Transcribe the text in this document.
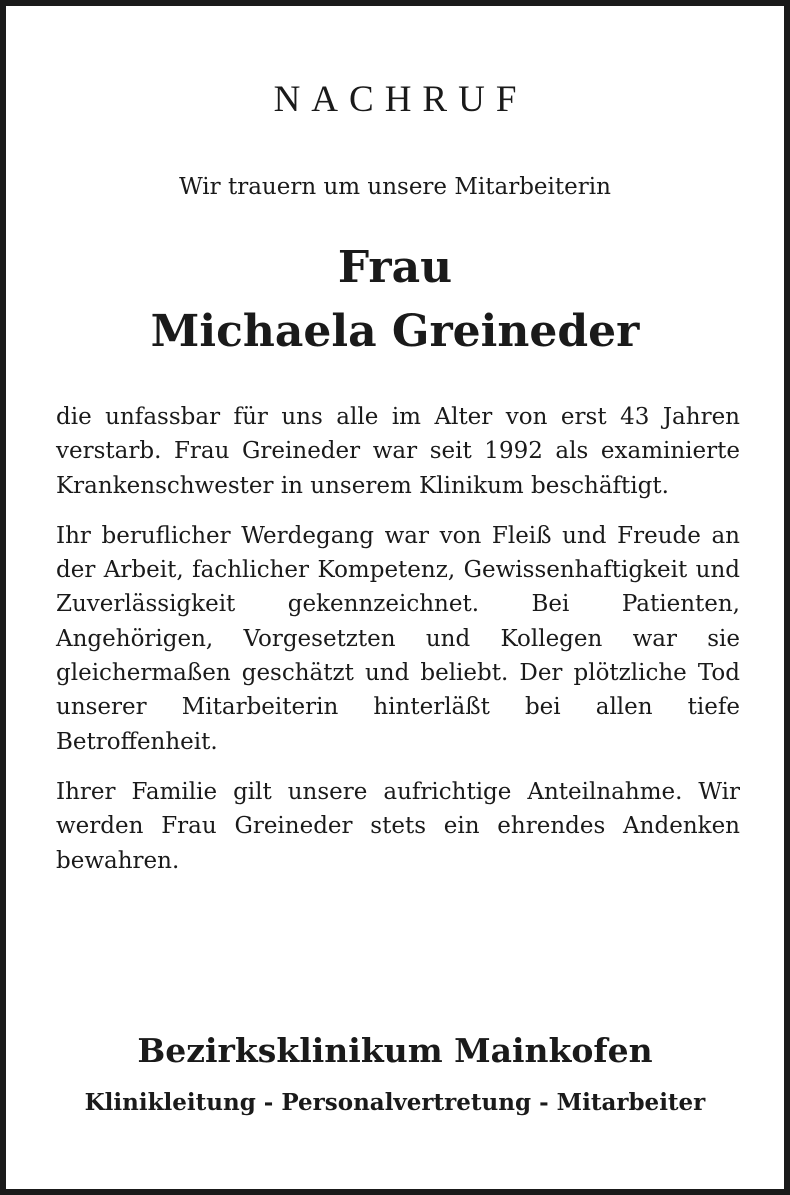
NACHRUF
Wir trauern um unsere Mitarbeiterin
Frau
Michaela Greineder

die unfassbar für uns alle im Alter von erst 43 Jahren verstarb. Frau Greineder war seit 1992 als examinierte Krankenschwester in unserem Klinikum beschäftigt.

Ihr beruflicher Werdegang war von Fleiß und Freude an der Arbeit, fachlicher Kompetenz, Gewissenhaftigkeit und Zuverlässigkeit gekennzeichnet. Bei Patienten, Angehörigen, Vorgesetzten und Kollegen war sie gleichermaßen geschätzt und beliebt. Der plötzliche Tod unserer Mitarbeiterin hinterläßt bei allen tiefe Betroffenheit.

Ihrer Familie gilt unsere aufrichtige Anteilnahme. Wir werden Frau Greineder stets ein ehrendes Andenken bewahren.

Bezirksklinikum Mainkofen
Klinikleitung - Personalvertretung - Mitarbeiter
